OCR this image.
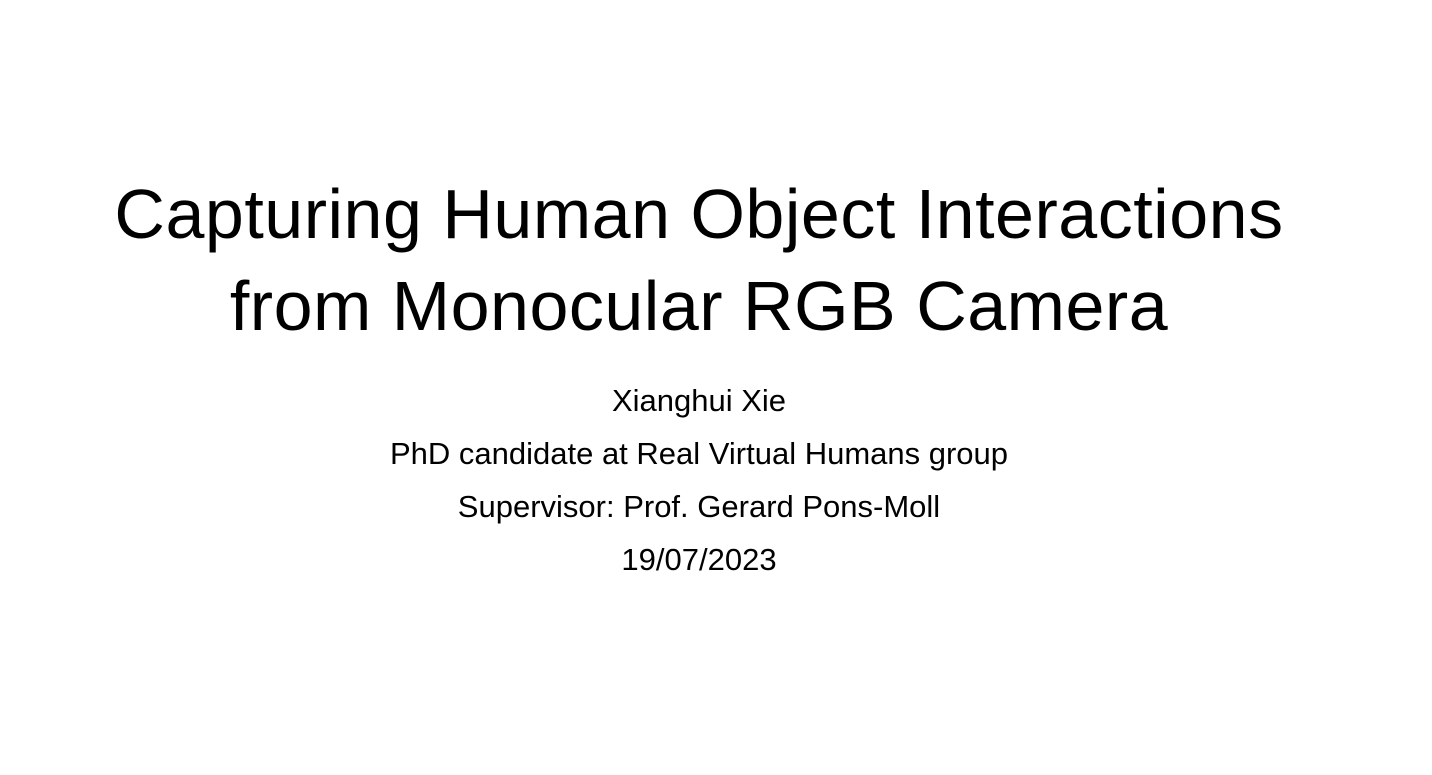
Capturing Human Object Interactions
from Monocular RGB Camera
Xianghui Xie
PhD candidate at Real Virtual Humans group
Supervisor: Prof. Gerard Pons-Moll
19/07/2023
